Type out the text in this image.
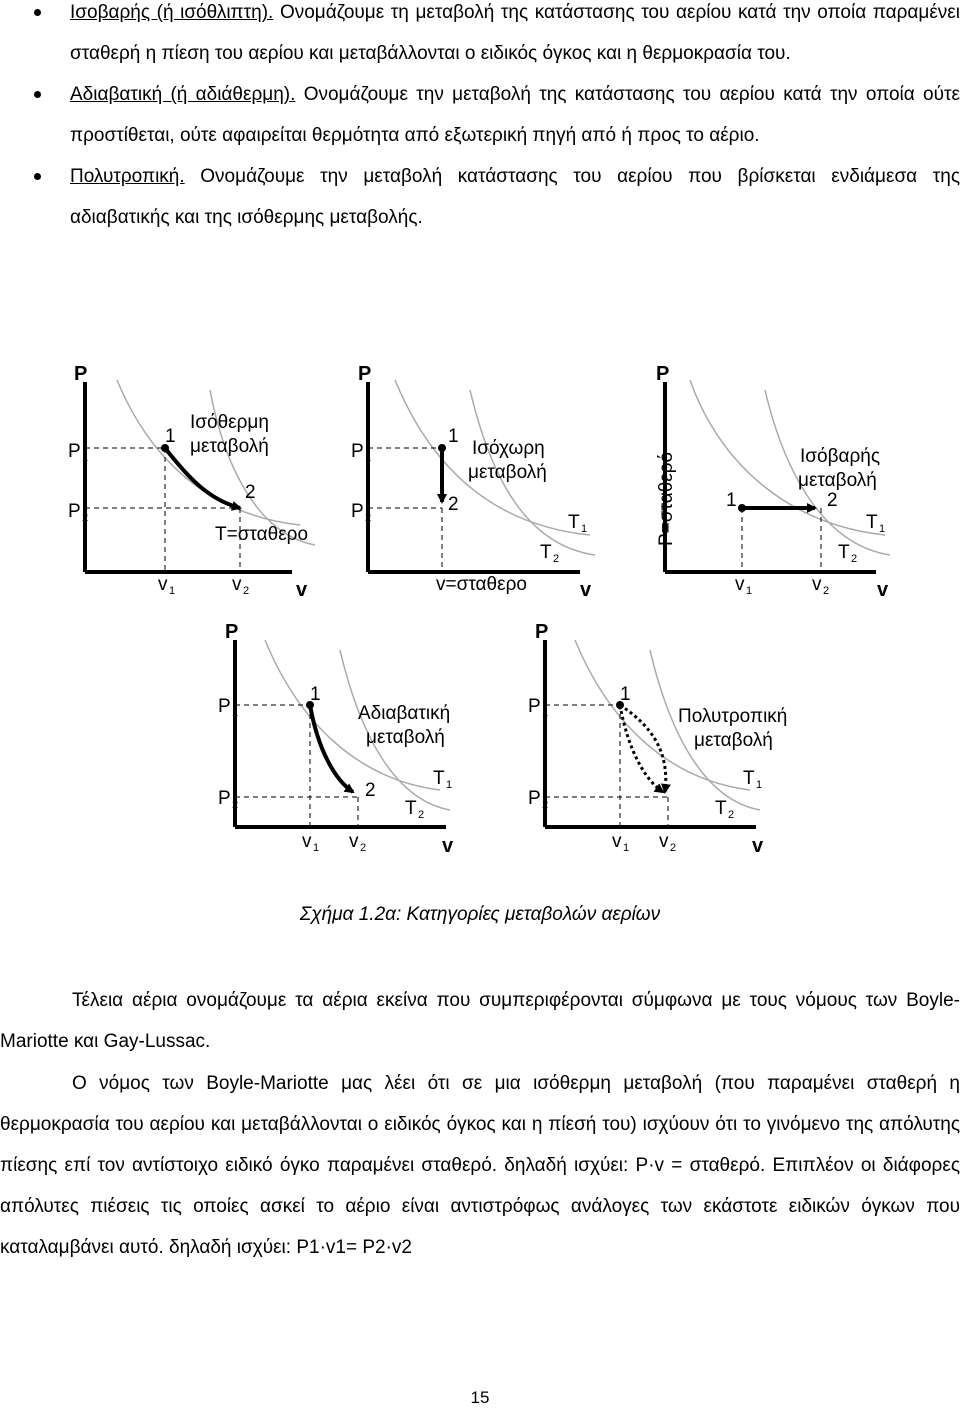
Ισοβαρής (ή ισόθλιπτη). Ονομάζουμε τη μεταβολή της κατάστασης του αερίου κατά την οποία παραμένει σταθερή η πίεση του αερίου και μεταβάλλονται ο ειδικός όγκος και η θερμοκρασία του.
Αδιαβατική (ή αδιάθερμη). Ονομάζουμε την μεταβολή της κατάστασης του αερίου κατά την οποία ούτε προστίθεται, ούτε αφαιρείται θερμότητα από εξωτερική πηγή από ή προς το αέριο.
Πολυτροπική. Ονομάζουμε την μεταβολή κατάστασης του αερίου που βρίσκεται ενδιάμεσα της αδιαβατικής και της ισόθερμης μεταβολής.
P
v
P 1
P 2
v 1	v 2
1
2
Ισόθερμη
μεταβολή
T=σταθερο
P
v
P 1
P 2
1
2
Ισόχωρη
μεταβολή
T 1
T 2
v=σταθερο
P
v
P=σταθερό	1	2
Ισόβαρής
μεταβολή
T 1
T 2
v 1	v 2
P
v
P 1
P 2
1
2
Αδιαβατική
μεταβολή
T 1
T 2
v 1 v 2
P
v
P 1
P 2
1
Πολυτροπική
μεταβολή
T 1
T 2
v 1 v 2
Σχήμα 1.2α: Κατηγορίες μεταβολών αερίων

Τέλεια αέρια ονομάζουμε τα αέρια εκείνα που συμπεριφέρονται σύμφωνα με τους νόμους των Boyle-Mariotte και Gay-Lussac.

Ο νόμος των Boyle-Mariotte μας λέει ότι σε μια ισόθερμη μεταβολή (που παραμένει σταθερή η θερμοκρασία του αερίου και μεταβάλλονται ο ειδικός όγκος και η πίεσή του) ισχύουν ότι το γινόμενο της απόλυτης πίεσης επί τον αντίστοιχο ειδικό όγκο παραμένει σταθερό. δηλαδή ισχύει: P·v = σταθερό. Επιπλέον οι διάφορες απόλυτες πιέσεις τις οποίες ασκεί το αέριο είναι αντιστρόφως ανάλογες των εκάστοτε ειδικών όγκων που καταλαμβάνει αυτό. δηλαδή ισχύει: P1·v1= P2·v2

15
